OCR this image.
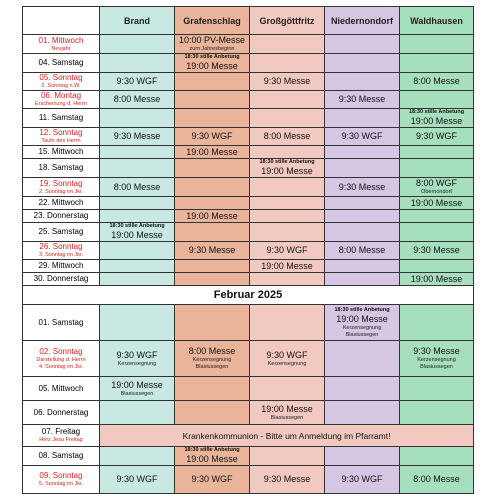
	Brand	Grafenschlag	Großgöttfritz	Niedernondorf	Waldhausen

01. Mittwoch
Neujahr		10:00 PV-Messe
zum Jahresbeginn			

04. Samstag		18:30 stille Anbetung
19:00 Messe			

05. Sonntag
2. Sonntag n.W.	9:30 WGF		9:30 Messe		8:00 Messe

06. Montag
Erscheinung d. Herrn	8:00 Messe			9:30 Messe	

11. Samstag					18:30 stille Anbetung
19:00 Messe

12. Sonntag
Taufe des Herrn	9:30 Messe	9:30 WGF	8:00 Messe	9:30 WGF	9:30 WGF

15. Mittwoch		19:00 Messe			

18. Samstag			18:30 stille Anbetung
19:00 Messe		

19. Sonntag
2. Sonntag im Jkr.	8:00 Messe			9:30 Messe	8:00 WGF
Obernondorf

22. Mittwoch					19:00 Messe

23. Donnerstag		19:00 Messe			

25. Samstag	18:30 stille Anbetung
19:00 Messe				

26. Sonntag
3. Sonntag im Jkr.		9:30 Messe	9:30 WGF	8:00 Messe	9:30 Messe

29. Mittwoch			19:00 Messe		

30. Donnerstag					19:00 Messe

Februar 2025					

01. Samstag				18:30 stille Anbetung
19:00 Messe
Kerzensegnung
Blasiussegen	

02. Sonntag
Darstellung d. Herrn
4. Sonntag im Jkr.	9:30 WGF
Kerzensegnung	8:00 Messe
Kerzensegnung
Blasiussegen	9:30 WGF
Kerzensegnung		9:30 Messe
Kerzensegnung
Blasiussegen

05. Mittwoch	19:00 Messe
Blasiussegen				

06. Donnerstag			19:00 Messe
Blasiussegen		

07. Freitag
Herz Jesu Freitag	Krankenkommunion - Bitte um Anmeldung im Pfarramt!				

08. Samstag		18:30 stille Anbetung
19:00 Messe			

09. Sonntag
5. Sonntag im Jkr.	9:30 WGF	9:30 WGF	9:30 Messe	9:30 WGF	8:00 Messe
